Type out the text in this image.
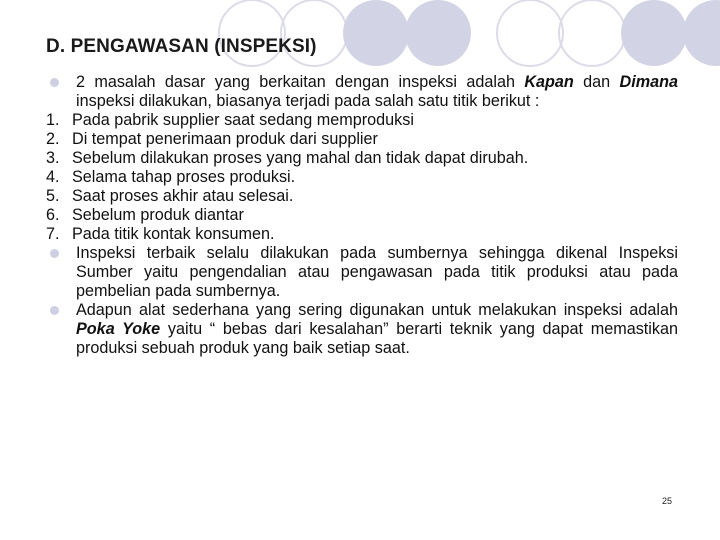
D. PENGAWASAN (INSPEKSI)
2 masalah dasar yang berkaitan dengan inspeksi adalah Kapan dan Dimana inspeksi dilakukan, biasanya terjadi pada salah satu titik berikut :
1. Pada pabrik supplier saat sedang memproduksi
2. Di tempat penerimaan produk dari supplier
3. Sebelum dilakukan proses yang mahal dan tidak dapat dirubah.
4. Selama tahap proses produksi.
5. Saat proses akhir atau selesai.
6. Sebelum produk diantar
7. Pada titik kontak konsumen.
Inspeksi terbaik selalu dilakukan pada sumbernya sehingga dikenal Inspeksi Sumber yaitu pengendalian atau pengawasan pada titik produksi atau pada pembelian pada sumbernya.
Adapun alat sederhana yang sering digunakan untuk melakukan inspeksi adalah Poka Yoke yaitu “ bebas dari kesalahan” berarti teknik yang dapat memastikan produksi sebuah produk yang baik setiap saat.
25
